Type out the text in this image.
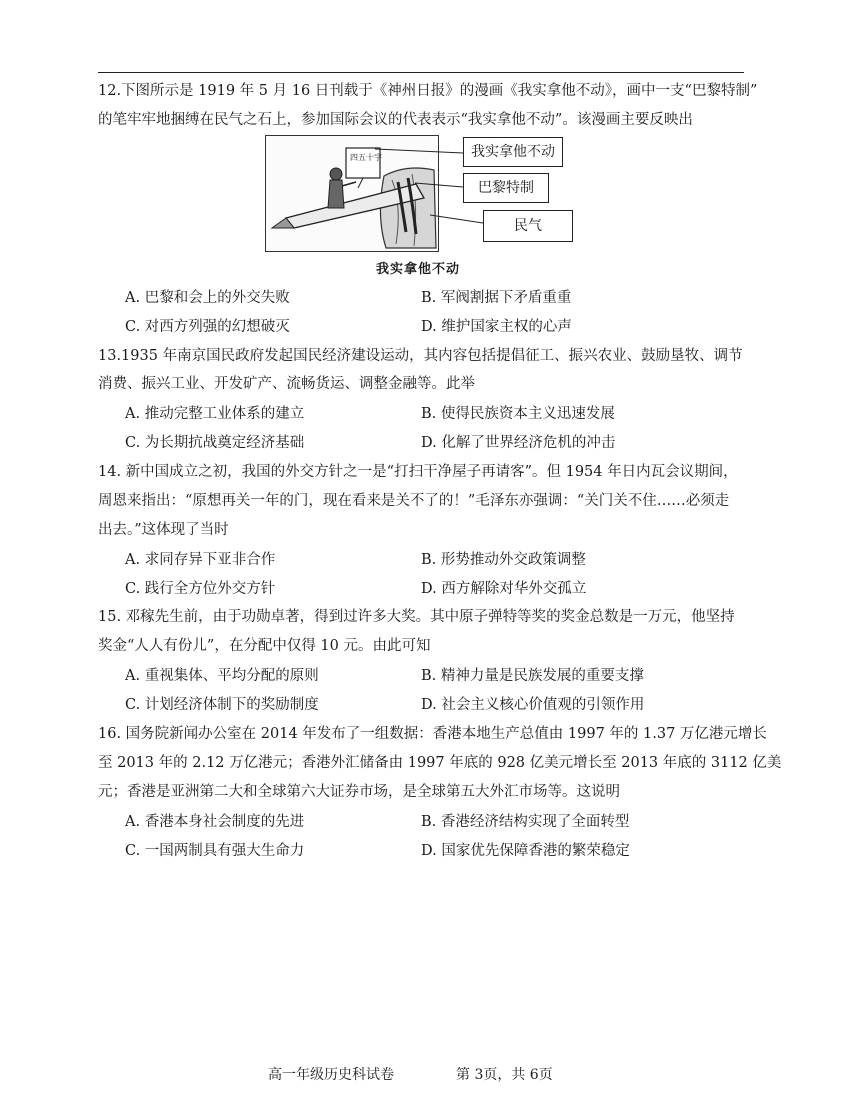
12.下图所示是 1919 年 5 月 16 日刊载于《神州日报》的漫画《我实拿他不动》，画中一支“巴黎特制”
的笔牢牢地捆缚在民气之石上，参加国际会议的代表表示“我实拿他不动”。该漫画主要反映出
四五十字	我实拿他不动
巴黎特制
民气
我实拿他不动
A. 巴黎和会上的外交失败	B. 军阀割据下矛盾重重
C. 对西方列强的幻想破灭	D. 维护国家主权的心声
13.1935 年南京国民政府发起国民经济建设运动，其内容包括提倡征工、振兴农业、鼓励垦牧、调节
消费、振兴工业、开发矿产、流畅货运、调整金融等。此举
A. 推动完整工业体系的建立	B. 使得民族资本主义迅速发展
C. 为长期抗战奠定经济基础	D. 化解了世界经济危机的冲击
14. 新中国成立之初，我国的外交方针之一是“打扫干净屋子再请客”。但 1954 年日内瓦会议期间，
周恩来指出：“原想再关一年的门，现在看来是关不了的！”毛泽东亦强调：“关门关不住……必须走
出去。”这体现了当时
A. 求同存异下亚非合作	B. 形势推动外交政策调整
C. 践行全方位外交方针	D. 西方解除对华外交孤立
15. 邓稼先生前，由于功勋卓著，得到过许多大奖。其中原子弹特等奖的奖金总数是一万元，他坚持
奖金“人人有份儿”，在分配中仅得 10 元。由此可知
A. 重视集体、平均分配的原则	B. 精神力量是民族发展的重要支撑
C. 计划经济体制下的奖励制度	D. 社会主义核心价值观的引领作用
16. 国务院新闻办公室在 2014 年发布了一组数据：香港本地生产总值由 1997 年的 1.37 万亿港元增长
至 2013 年的 2.12 万亿港元；香港外汇储备由 1997 年底的 928 亿美元增长至 2013 年底的 3112 亿美
元；香港是亚洲第二大和全球第六大证券市场，是全球第五大外汇市场等。这说明
A. 香港本身社会制度的先进	B. 香港经济结构实现了全面转型
C. 一国两制具有强大生命力	D. 国家优先保障香港的繁荣稳定
高一年级历史科试卷	第 3页，共 6页
